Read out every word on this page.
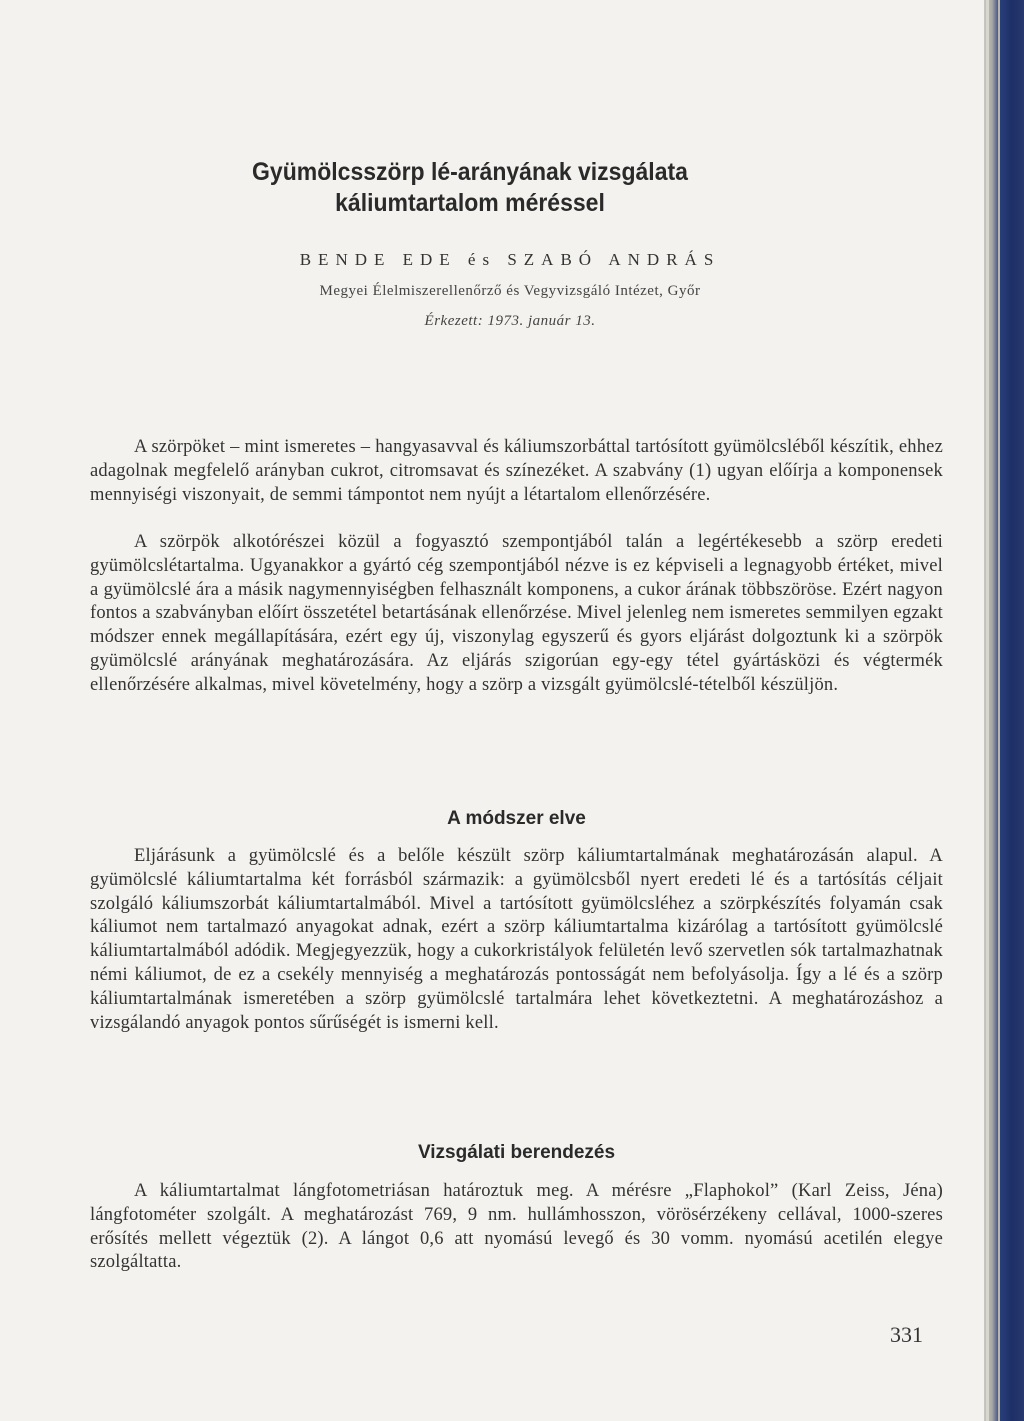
Gyümölcsszörp lé-arányának vizsgálata
káliumtartalom méréssel
BENDE EDE és SZABÓ ANDRÁS
Megyei Élelmiszerellenőrző és Vegyvizsgáló Intézet, Győr
Érkezett: 1973. január 13.

A szörpöket – mint ismeretes – hangyasavval és káliumszorbáttal tartósított gyümölcsléből készítik, ehhez adagolnak megfelelő arányban cukrot, citromsavat és színezéket. A szabvány (1) ugyan előírja a komponensek mennyiségi viszonyait, de semmi támpontot nem nyújt a létartalom ellenőrzésére.

A szörpök alkotórészei közül a fogyasztó szempontjából talán a legértékesebb a szörp eredeti gyümölcslétartalma. Ugyanakkor a gyártó cég szempontjából nézve is ez képviseli a legnagyobb értéket, mivel a gyümölcslé ára a másik nagymennyiségben felhasznált komponens, a cukor árának többszöröse. Ezért nagyon fontos a szabványban előírt összetétel betartásának ellenőrzése. Mivel jelenleg nem ismeretes semmilyen egzakt módszer ennek megállapítására, ezért egy új, viszonylag egyszerű és gyors eljárást dolgoztunk ki a szörpök gyümölcslé arányának meghatározására. Az eljárás szigorúan egy-egy tétel gyártásközi és végtermék ellenőrzésére alkalmas, mivel követelmény, hogy a szörp a vizsgált gyümölcslé-tételből készüljön.

A módszer elve

Eljárásunk a gyümölcslé és a belőle készült szörp káliumtartalmának meghatározásán alapul. A gyümölcslé káliumtartalma két forrásból származik: a gyümölcsből nyert eredeti lé és a tartósítás céljait szolgáló káliumszorbát káliumtartalmából. Mivel a tartósított gyümölcsléhez a szörpkészítés folyamán csak káliumot nem tartalmazó anyagokat adnak, ezért a szörp káliumtartalma kizárólag a tartósított gyümölcslé káliumtartalmából adódik. Megjegyezzük, hogy a cukorkristályok felületén levő szervetlen sók tartalmazhatnak némi káliumot, de ez a csekély mennyiség a meghatározás pontosságát nem befolyásolja. Így a lé és a szörp káliumtartalmának ismeretében a szörp gyümölcslé tartalmára lehet következtetni. A meghatározáshoz a vizsgálandó anyagok pontos sűrűségét is ismerni kell.

Vizsgálati berendezés

A káliumtartalmat lángfotometriásan határoztuk meg. A mérésre „Flaphokol” (Karl Zeiss, Jéna) lángfotométer szolgált. A meghatározást 769, 9 nm. hullámhosszon, vörösérzékeny cellával, 1000-szeres erősítés mellett végeztük (2). A lángot 0,6 att nyomású levegő és 30 vomm. nyomású acetilén elegye szolgáltatta.

331
